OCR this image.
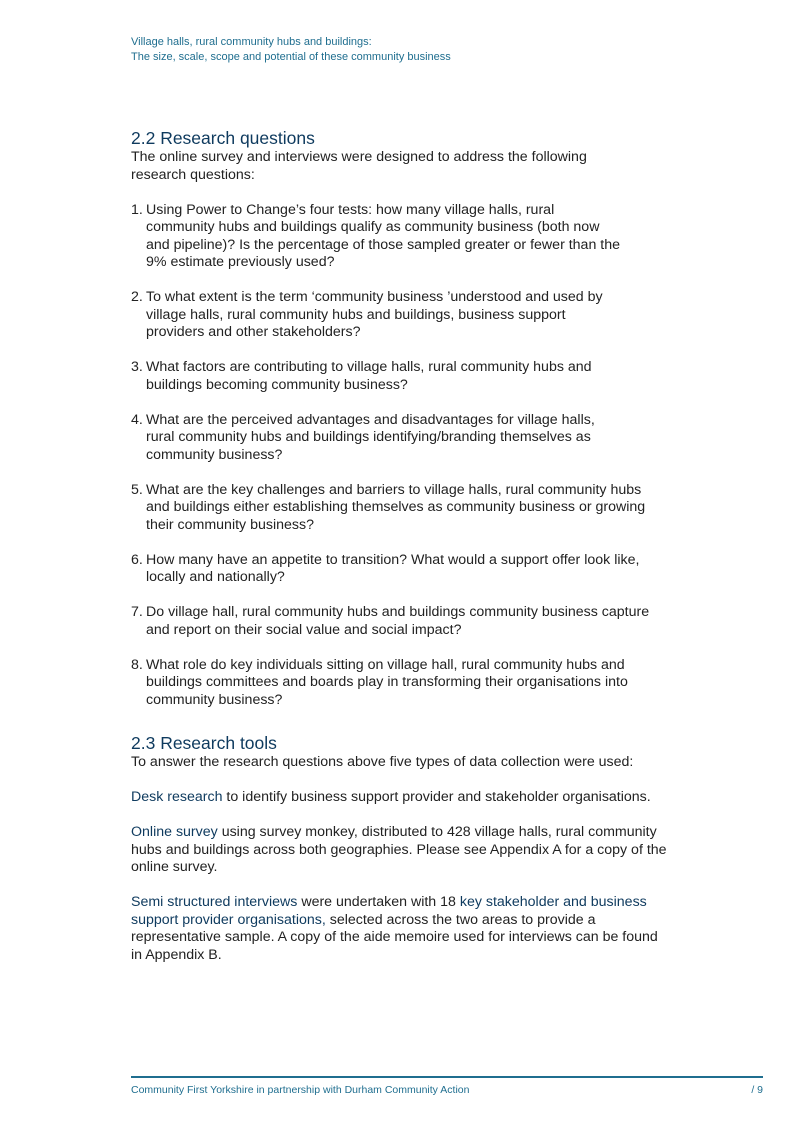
Village halls, rural community hubs and buildings:
The size, scale, scope and potential of these community business
2.2 Research questions

The online survey and interviews were designed to address the following research questions:

1. Using Power to Change’s four tests: how many village halls, rural community hubs and buildings qualify as community business (both now and pipeline)? Is the percentage of those sampled greater or fewer than the 9% estimate previously used?
2. To what extent is the term ‘community business ’understood and used by village halls, rural community hubs and buildings, business support providers and other stakeholders?
3. What factors are contributing to village halls, rural community hubs and buildings becoming community business?
4. What are the perceived advantages and disadvantages for village halls, rural community hubs and buildings identifying/branding themselves as community business?
5. What are the key challenges and barriers to village halls, rural community hubs and buildings either establishing themselves as community business or growing their community business?
6. How many have an appetite to transition? What would a support offer look like, locally and nationally?
7. Do village hall, rural community hubs and buildings community business capture and report on their social value and social impact?
8. What role do key individuals sitting on village hall, rural community hubs and buildings committees and boards play in transforming their organisations into community business?
2.3 Research tools

To answer the research questions above five types of data collection were used:

Desk research to identify business support provider and stakeholder organisations.

Online survey using survey monkey, distributed to 428 village halls, rural community hubs and buildings across both geographies. Please see Appendix A for a copy of the online survey.

Semi structured interviews were undertaken with 18 key stakeholder and business support provider organisations, selected across the two areas to provide a representative sample. A copy of the aide memoire used for interviews can be found in Appendix B.

Community First Yorkshire in partnership with Durham Community Action	/ 9
